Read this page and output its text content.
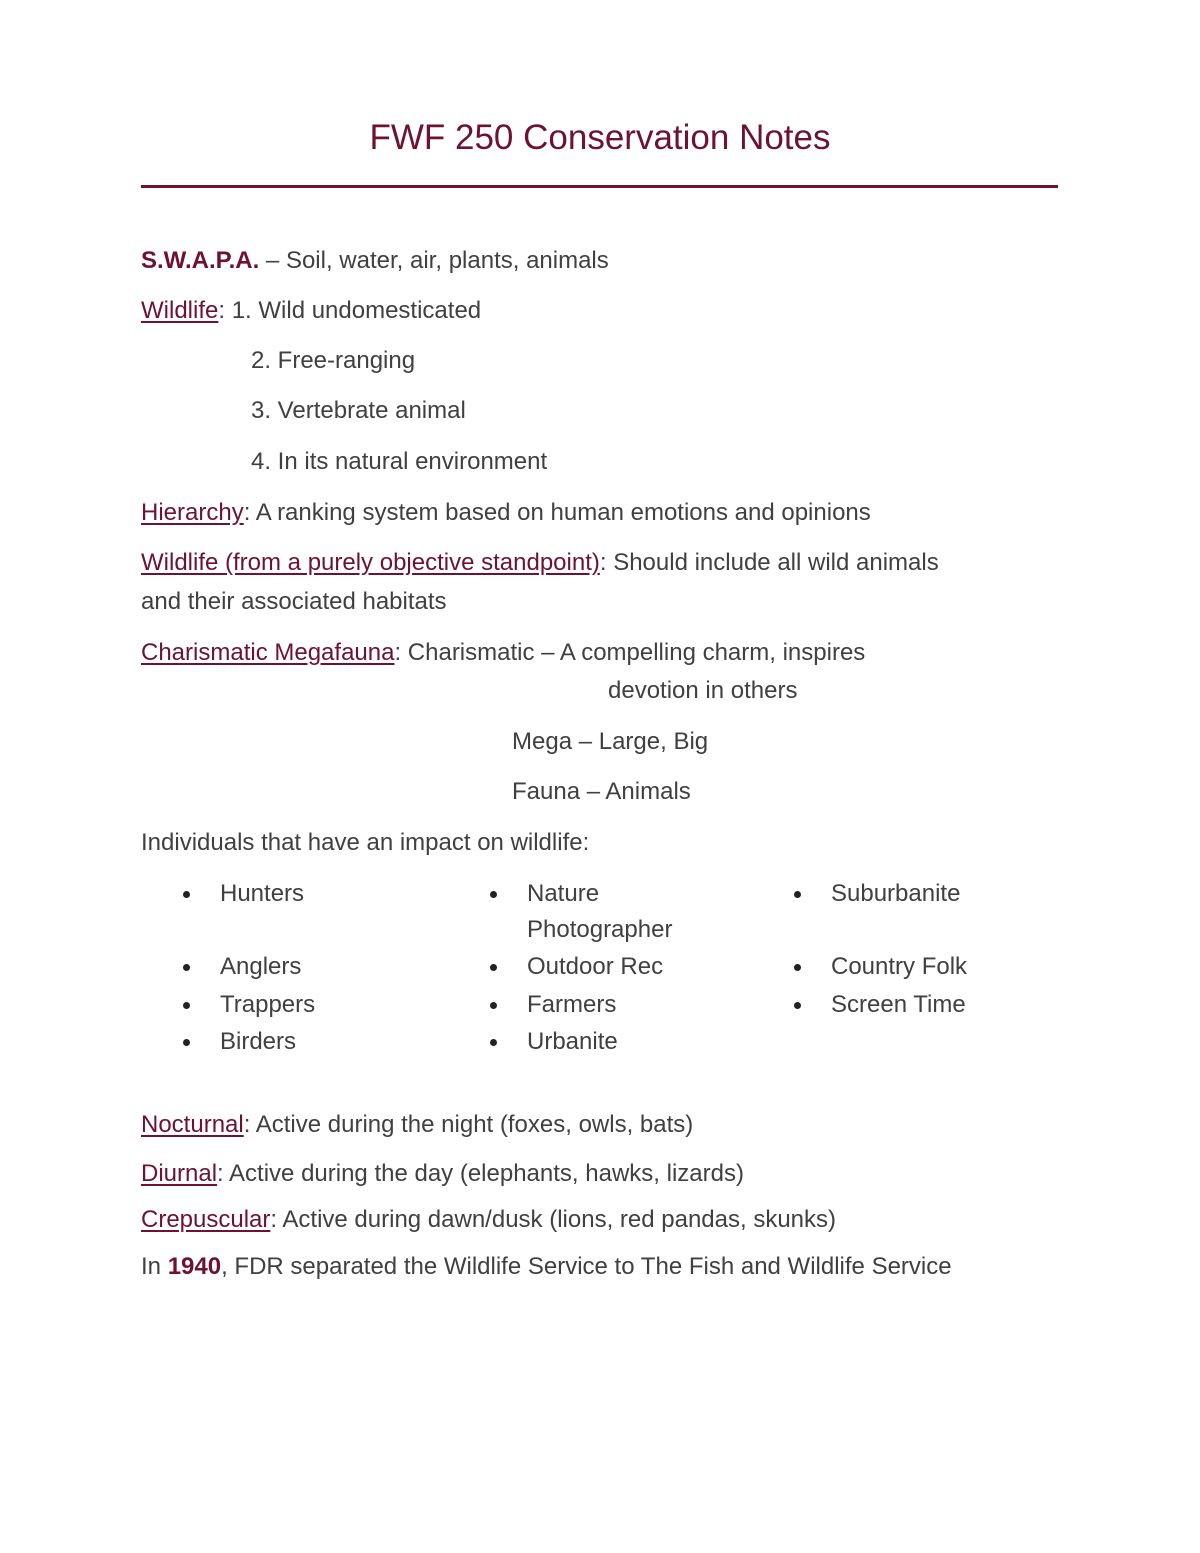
FWF 250 Conservation Notes
S.W.A.P.A. – Soil, water, air, plants, animals
Wildlife: 1. Wild undomesticated
2. Free-ranging
3. Vertebrate animal
4. In its natural environment
Hierarchy: A ranking system based on human emotions and opinions
Wildlife (from a purely objective standpoint): Should include all wild animals
and their associated habitats
Charismatic Megafauna: Charismatic – A compelling charm, inspires
devotion in others
Mega – Large, Big
Fauna – Animals
Individuals that have an impact on wildlife:
Hunters
Anglers
Trappers
Birders
Nature
Photographer
Outdoor Rec
Farmers
Urbanite
Suburbanite
Country Folk
Screen Time
Nocturnal: Active during the night (foxes, owls, bats)
Diurnal: Active during the day (elephants, hawks, lizards)
Crepuscular: Active during dawn/dusk (lions, red pandas, skunks)
In 1940, FDR separated the Wildlife Service to The Fish and Wildlife Service
